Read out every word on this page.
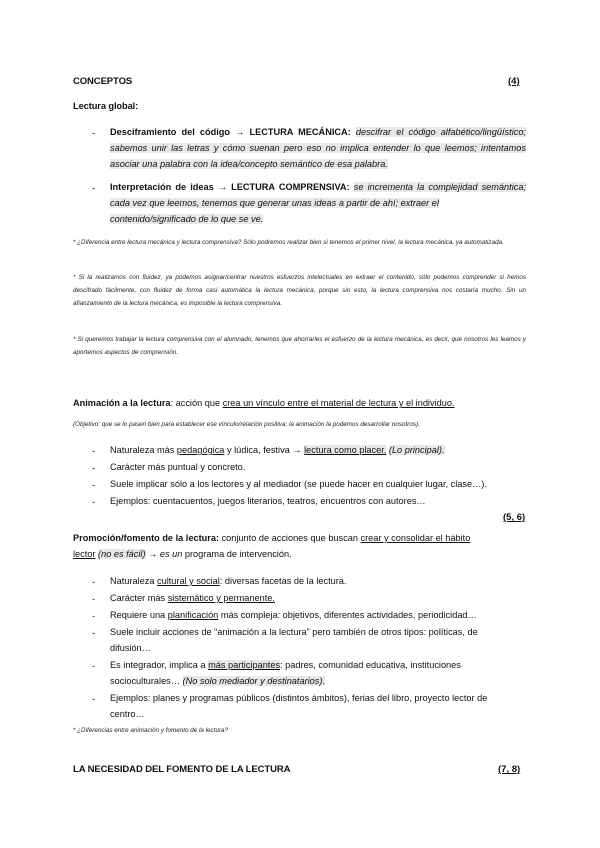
CONCEPTOS	(4)
Lectura global:
- Desciframiento del código → LECTURA MECÁNICA: descifrar el código alfabético/lingüístico; sabemos unir las letras y cómo suenan pero eso no implica entender lo que leemos; intentamos asociar una palabra con la idea/concepto semántico de esa palabra.
- Interpretación de ideas → LECTURA COMPRENSIVA: se incrementa la complejidad semántica; cada vez que leemos, tenemos que generar unas ideas a partir de ahí; extraer el
contenido/significado de lo que se ve.
* ¿Diferencia entre lectura mecánica y lectura comprensiva? Sólo podremos realizar bien si tenemos el primer nivel, la lectura mecánica, ya automatizada.
* Si la realizamos con fluidez, ya podemos asignar/centrar nuestros esfuerzos intelectuales en extraer el contenido, sólo podemos comprender si hemos descifrado fácilmente, con fluidez de forma casi automática la lectura mecánica, porque sin esto, la lectura comprensiva nos costaría mucho. Sin un afianzamiento de la lectura mecánica, es imposible la lectura comprensiva.
* Si queremos trabajar la lectura comprensiva con el alumnado, tenemos que ahorrarles el esfuerzo de la lectura mecánica, es decir, que nosotros les leamos y aportemos aspectos de comprensión.
Animación a la lectura: acción que crea un vínculo entre el material de lectura y el individuo.
(Objetivo: que se lo pasen bien para establecer ese vínculo/relación positiva; la animación la podemos desarrollar nosotros).
- Naturaleza más pedagógica y lúdica, festiva → lectura como placer. (Lo principal).
- Carácter más puntual y concreto.
- Suele implicar sólo a los lectores y al mediador (se puede hacer en cualquier lugar, clase…).
- Ejemplos: cuentacuentos, juegos literarios, teatros, encuentros con autores…
(5, 6)
Promoción/fomento de la lectura: conjunto de acciones que buscan crear y consolidar el hábito
lector (no es fácil) → es un programa de intervención.
- Naturaleza cultural y social: diversas facetas de la lectura.
- Carácter más sistemático y permanente.
- Requiere una planificación más compleja: objetivos, diferentes actividades, periodicidad…
- Suele incluir acciones de “animación a la lectura” pero también de otros tipos: políticas, de
difusión…
- Es integrador, implica a más participantes: padres, comunidad educativa, instituciones
socioculturales… (No solo mediador y destinatarios).
- Ejemplos: planes y programas públicos (distintos ámbitos), ferias del libro, proyecto lector de
centro…
* ¿Diferencias entre animación y fomento de la lectura?
LA NECESIDAD DEL FOMENTO DE LA LECTURA	(7, 8)
